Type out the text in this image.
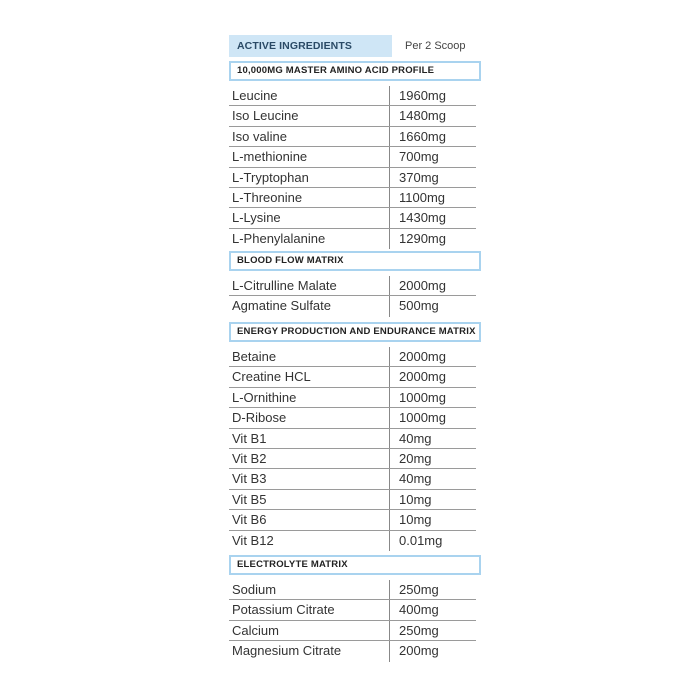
ACTIVE INGREDIENTS	Per 2 Scoop
10,000MG MASTER AMINO ACID PROFILE
Leucine	1960mg
Iso Leucine	1480mg
Iso valine	1660mg
L-methionine	700mg
L-Tryptophan	370mg
L-Threonine	1100mg
L-Lysine	1430mg
L-Phenylalanine	1290mg
BLOOD FLOW MATRIX
L-Citrulline Malate	2000mg
Agmatine Sulfate	500mg
ENERGY PRODUCTION AND ENDURANCE MATRIX
Betaine	2000mg
Creatine HCL	2000mg
L-Ornithine	1000mg
D-Ribose	1000mg
Vit B1	40mg
Vit B2	20mg
Vit B3	40mg
Vit B5	10mg
Vit B6	10mg
Vit B12	0.01mg
ELECTROLYTE MATRIX
Sodium	250mg
Potassium Citrate	400mg
Calcium	250mg
Magnesium Citrate	200mg
